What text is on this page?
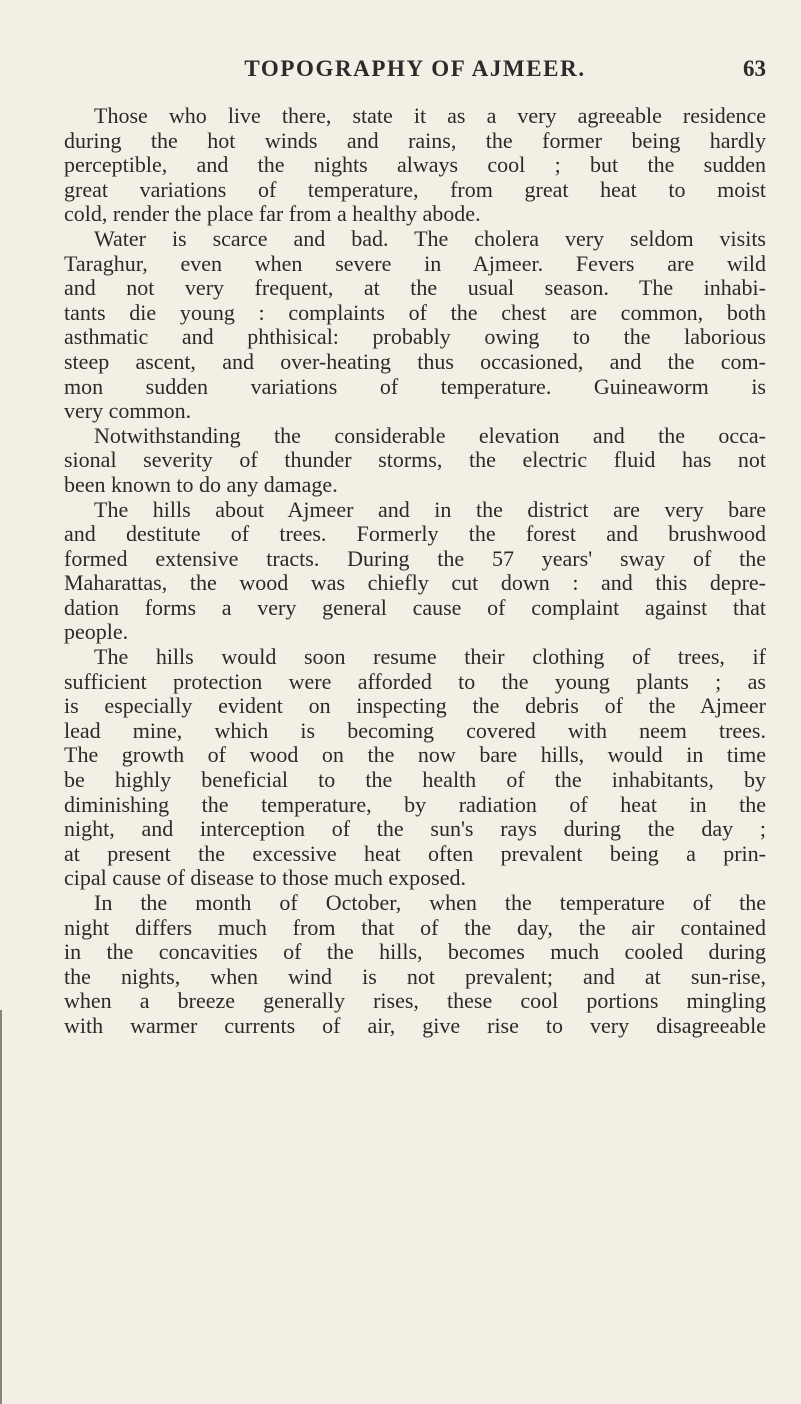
TOPOGRAPHY OF AJMEER.	63
Those who live there, state it as a very agreeable residence
during the hot winds and rains, the former being hardly
perceptible, and the nights always cool ; but the sudden
great variations of temperature, from great heat to moist
cold, render the place far from a healthy abode.
Water is scarce and bad. The cholera very seldom visits
Taraghur, even when severe in Ajmeer. Fevers are wild
and not very frequent, at the usual season. The inhabi-
tants die young : complaints of the chest are common, both
asthmatic and phthisical: probably owing to the laborious
steep ascent, and over-heating thus occasioned, and the com-
mon sudden variations of temperature. Guineaworm is
very common.
Notwithstanding the considerable elevation and the occa-
sional severity of thunder storms, the electric fluid has not
been known to do any damage.
The hills about Ajmeer and in the district are very bare
and destitute of trees. Formerly the forest and brushwood
formed extensive tracts. During the 57 years' sway of the
Maharattas, the wood was chiefly cut down : and this depre-
dation forms a very general cause of complaint against that
people.
The hills would soon resume their clothing of trees, if
sufficient protection were afforded to the young plants ; as
is especially evident on inspecting the debris of the Ajmeer
lead mine, which is becoming covered with neem trees.
The growth of wood on the now bare hills, would in time
be highly beneficial to the health of the inhabitants, by
diminishing the temperature, by radiation of heat in the
night, and interception of the sun's rays during the day ;
at present the excessive heat often prevalent being a prin-
cipal cause of disease to those much exposed.
In the month of October, when the temperature of the
night differs much from that of the day, the air contained
in the concavities of the hills, becomes much cooled during
the nights, when wind is not prevalent; and at sun-rise,
when a breeze generally rises, these cool portions mingling
with warmer currents of air, give rise to very disagreeable
